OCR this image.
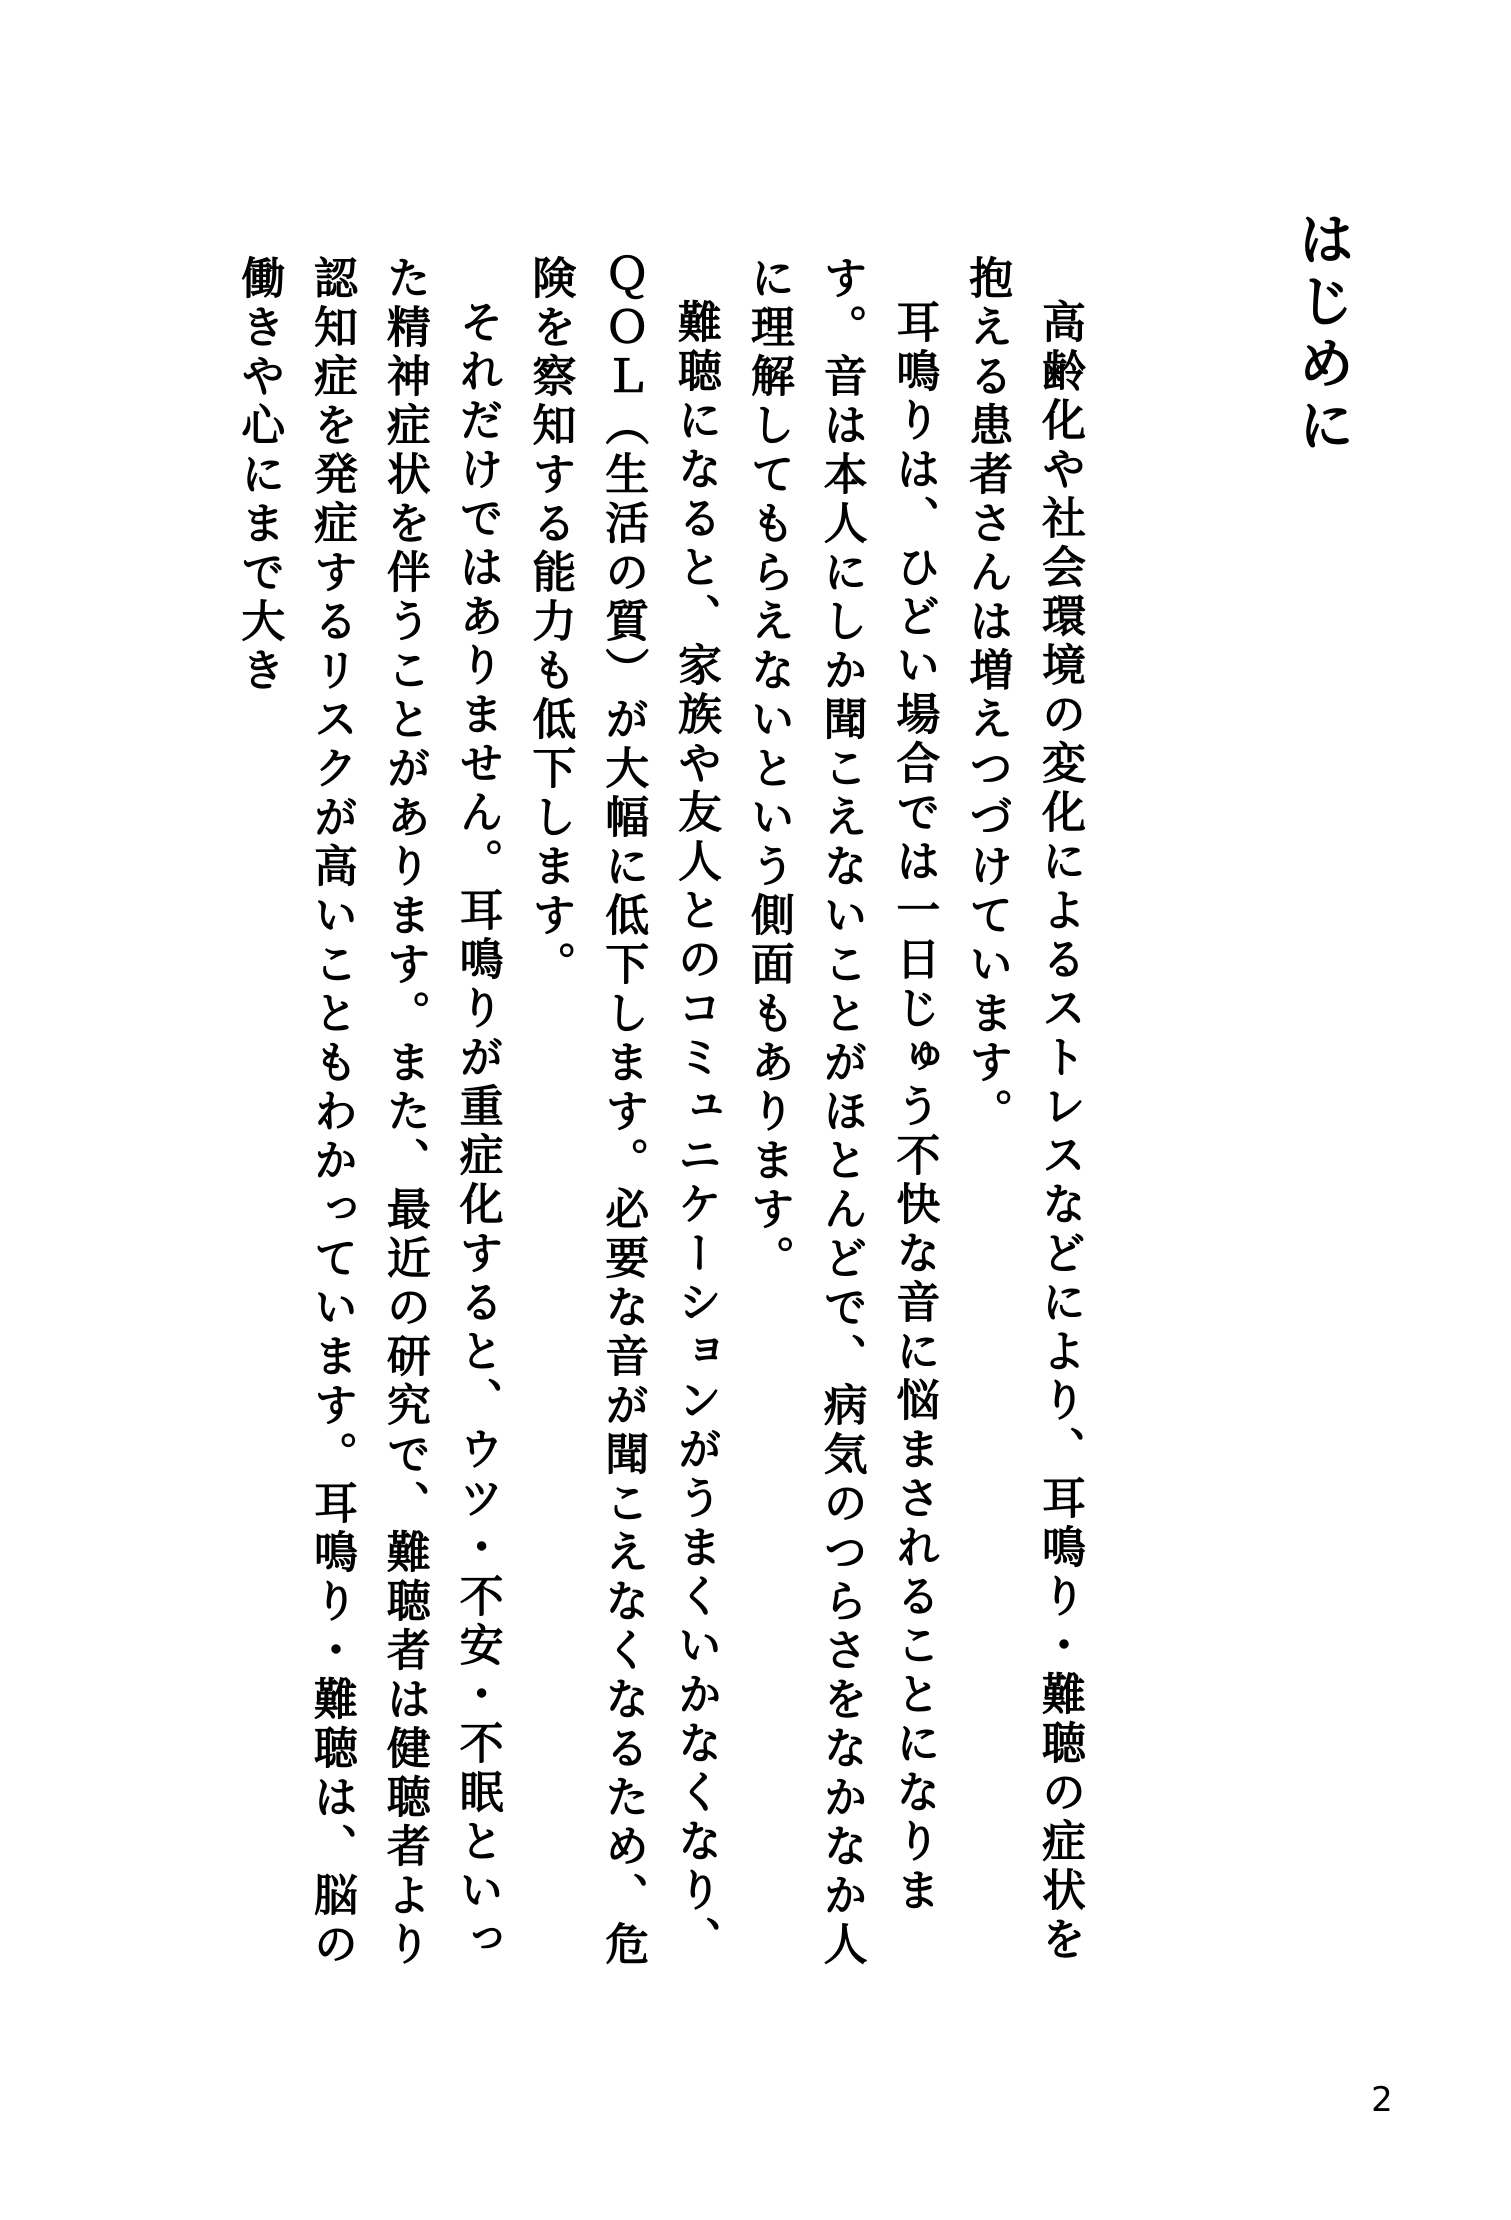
はじめに

高齢化や社会環境の変化によるストレスなどにより、耳鳴り・難聴の症状を抱える患者さんは増えつづけています。

耳鳴りは、ひどい場合では一日じゅう不快な音に悩まされることになります。音は本人にしか聞こえないことがほとんどで、病気のつらさをなかなか人に理解してもらえないという側面もあります。

難聴になると、家族や友人とのコミュニケーションがうまくいかなくなり、ＱＯＬ（生活の質）が大幅に低下します。必要な音が聞こえなくなるため、危険を察知する能力も低下します。

それだけではありません。耳鳴りが重症化すると、ウツ・不安・不眠といった精神症状を伴うことがあります。また、最近の研究で、難聴者は健聴者より認知症を発症するリスクが高いこともわかっています。耳鳴り・難聴は、脳の働きや心にまで大き

2
